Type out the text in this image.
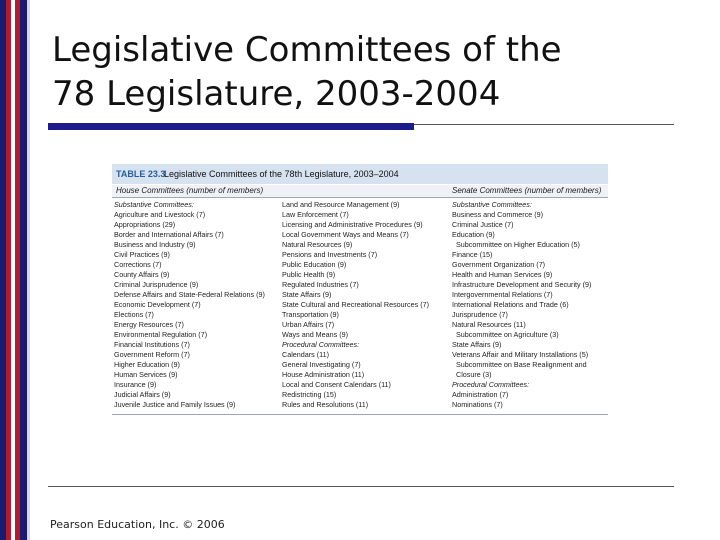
Legislative Committees of the
78 Legislature, 2003-2004
TABLE 23.3
Legislative Committees of the 78th Legislature, 2003–2004
House Committees (number of members)	Senate Committees (number of members)
Substantive Committees:
Agriculture and Livestock (7)
Appropriations (29)
Border and International Affairs (7)
Business and Industry (9)
Civil Practices (9)
Corrections (7)
County Affairs (9)
Criminal Jurisprudence (9)
Defense Affairs and State-Federal Relations (9)
Economic Development (7)
Elections (7)
Energy Resources (7)
Environmental Regulation (7)
Financial Institutions (7)
Government Reform (7)
Higher Education (9)
Human Services (9)
Insurance (9)
Judicial Affairs (9)
Juvenile Justice and Family Issues (9)
Land and Resource Management (9)
Law Enforcement (7)
Licensing and Administrative Procedures (9)
Local Government Ways and Means (7)
Natural Resources (9)
Pensions and Investments (7)
Public Education (9)
Public Health (9)
Regulated Industries (7)
State Affairs (9)
State Cultural and Recreational Resources (7)
Transportation (9)
Urban Affairs (7)
Ways and Means (9)
Procedural Committees:
Calendars (11)
General Investigating (7)
House Administration (11)
Local and Consent Calendars (11)
Redistricting (15)
Rules and Resolutions (11)
Substantive Committees:
Business and Commerce (9)
Criminal Justice (7)
Education (9)
Subcommittee on Higher Education (5)
Finance (15)
Government Organization (7)
Health and Human Services (9)
Infrastructure Development and Security (9)
Intergovernmental Relations (7)
International Relations and Trade (6)
Jurisprudence (7)
Natural Resources (11)
Subcommittee on Agriculture (3)
State Affairs (9)
Veterans Affair and Military Installations (5)
Subcommittee on Base Realignment and
Closure (3)
Procedural Committees:
Administration (7)
Nominations (7)
Pearson Education, Inc. © 2006
